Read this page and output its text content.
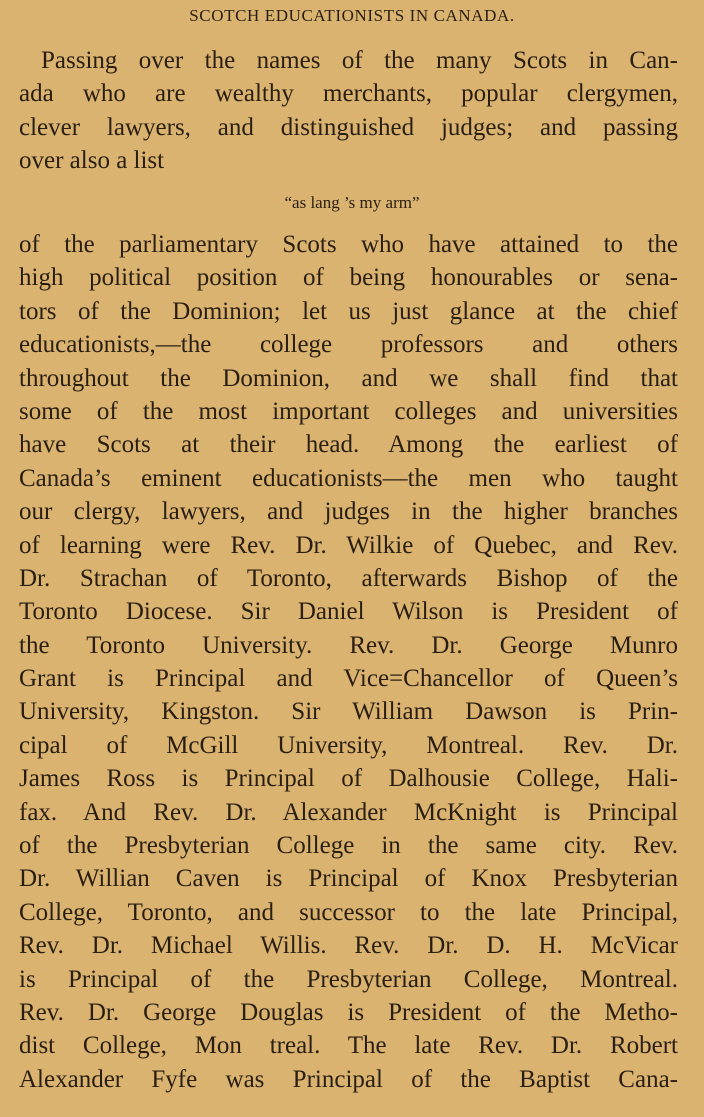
SCOTCH EDUCATIONISTS IN CANADA.
Passing over the names of the many Scots in Can-
ada who are wealthy merchants, popular clergymen,
clever lawyers, and distinguished judges; and passing
over also a list
“as lang ’s my arm”
of the parliamentary Scots who have attained to the
high political position of being honourables or sena-
tors of the Dominion; let us just glance at the chief
educationists,—the college professors and others
throughout the Dominion, and we shall find that
some of the most important colleges and universities
have Scots at their head. Among the earliest of
Canada’s eminent educationists—the men who taught
our clergy, lawyers, and judges in the higher branches
of learning were Rev. Dr. Wilkie of Quebec, and Rev.
Dr. Strachan of Toronto, afterwards Bishop of the
Toronto Diocese. Sir Daniel Wilson is President of
the Toronto University. Rev. Dr. George Munro
Grant is Principal and Vice=Chancellor of Queen’s
University, Kingston. Sir William Dawson is Prin-
cipal of McGill University, Montreal. Rev. Dr.
James Ross is Principal of Dalhousie College, Hali-
fax. And Rev. Dr. Alexander McKnight is Principal
of the Presbyterian College in the same city. Rev.
Dr. Willian Caven is Principal of Knox Presbyterian
College, Toronto, and successor to the late Principal,
Rev. Dr. Michael Willis. Rev. Dr. D. H. McVicar
is Principal of the Presbyterian College, Montreal.
Rev. Dr. George Douglas is President of the Metho-
dist College, Mon treal. The late Rev. Dr. Robert
Alexander Fyfe was Principal of the Baptist Cana-
